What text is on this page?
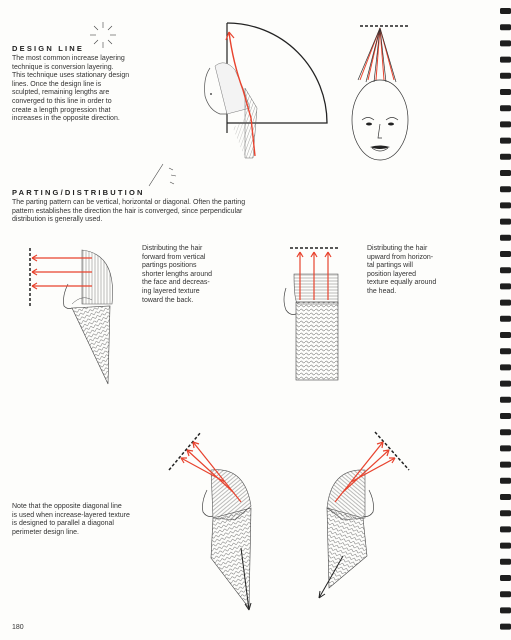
DESIGN LINE
The most common increase layering
technique is conversion layering.
This technique uses stationary design
lines. Once the design line is
sculpted, remaining lengths are
converged to this line in order to
create a length progression that
increases in the opposite direction.
PARTING/DISTRIBUTION
The parting pattern can be vertical, horizontal or diagonal. Often the parting
pattern establishes the direction the hair is converged, since perpendicular
distribution is generally used.
Distributing the hair
forward from vertical
partings positions
shorter lengths around
the face and decreas-
ing layered texture
toward the back.
Distributing the hair
upward from horizon-
tal partings will
position layered
texture equally around
the head.
Note that the opposite diagonal line
is used when increase-layered texture
is designed to parallel a diagonal
perimeter design line.
180
